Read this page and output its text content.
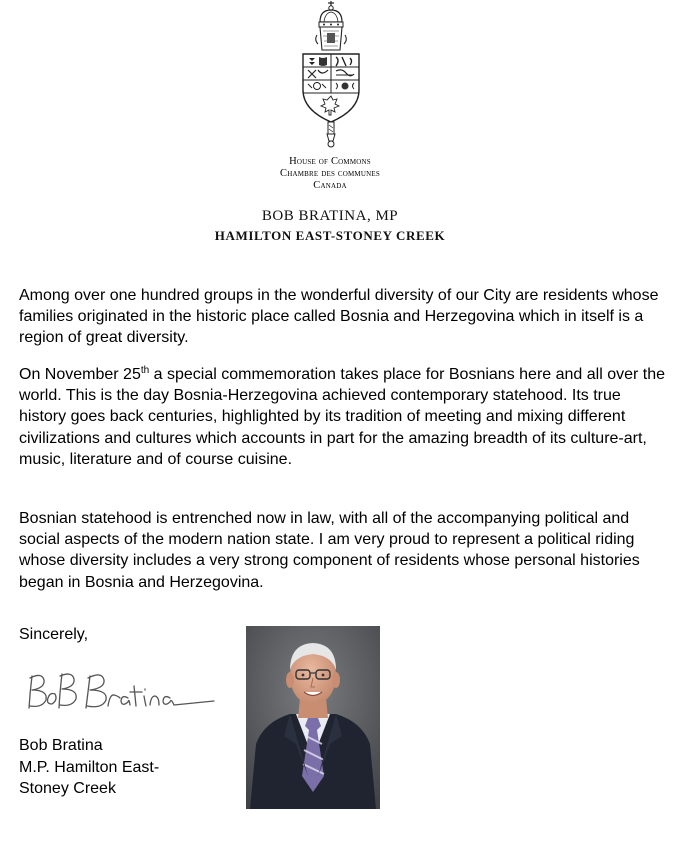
House of Commons
Chambre des communes
Canada
BOB BRATINA, MP
HAMILTON EAST-STONEY CREEK

Among over one hundred groups in the wonderful diversity of our City are residents whose families originated in the historic place called Bosnia and Herzegovina which in itself is a region of great diversity.

On November 25th a special commemoration takes place for Bosnians here and all over the world. This is the day Bosnia-Herzegovina achieved contemporary statehood. Its true history goes back centuries, highlighted by its tradition of meeting and mixing different civilizations and cultures which accounts in part for the amazing breadth of its culture-art, music, literature and of course cuisine.

Bosnian statehood is entrenched now in law, with all of the accompanying political and social aspects of the modern nation state. I am very proud to represent a political riding whose diversity includes a very strong component of residents whose personal histories began in Bosnia and Herzegovina.

Sincerely,
Bob Bratina
M.P. Hamilton East-
Stoney Creek
